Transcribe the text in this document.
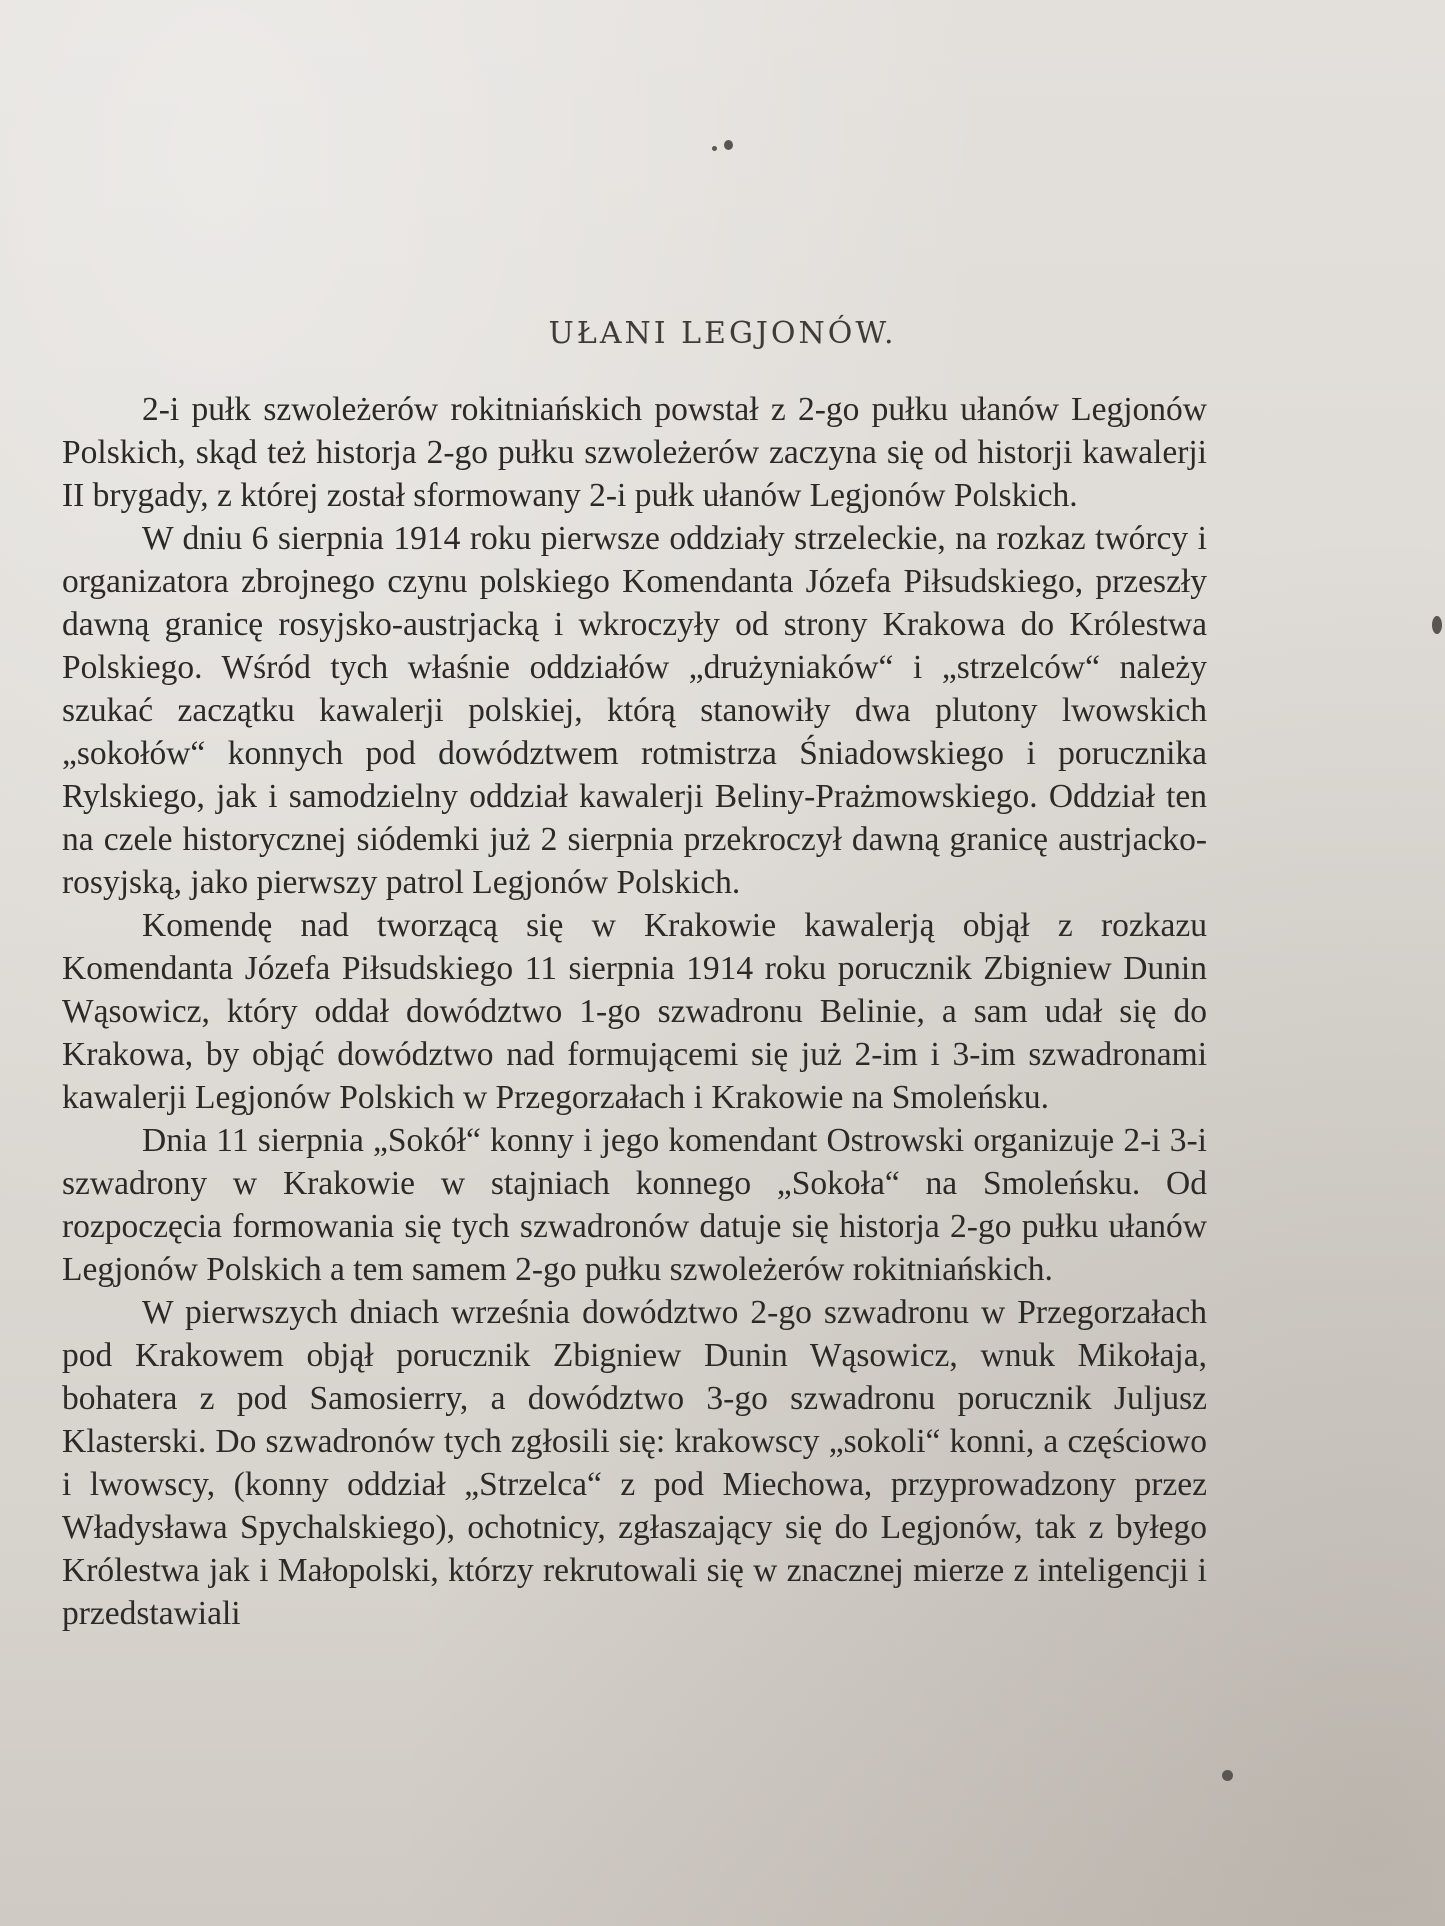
UŁANI LEGJONÓW.

2-i pułk szwoleżerów rokitniańskich powstał z 2-go pułku ułanów Legjonów Polskich, skąd też historja 2-go pułku szwoleżerów zaczyna się od historji kawalerji II brygady, z której został sformowany 2-i pułk ułanów Legjonów Polskich.

W dniu 6 sierpnia 1914 roku pierwsze oddziały strzeleckie, na rozkaz twórcy i organizatora zbrojnego czynu polskiego Komendanta Józefa Piłsudskiego, przeszły dawną granicę rosyjsko-austrjacką i wkroczyły od strony Krakowa do Królestwa Polskiego. Wśród tych właśnie oddziałów „drużyniaków“ i „strzelców“ należy szukać zaczątku kawalerji polskiej, którą stanowiły dwa plutony lwowskich „sokołów“ konnych pod dowództwem rotmistrza Śniadowskiego i porucznika Rylskiego, jak i samodzielny oddział kawalerji Beliny-Prażmowskiego. Oddział ten na czele historycznej siódemki już 2 sierpnia przekroczył dawną granicę austrjacko-rosyjską, jako pierwszy patrol Legjonów Polskich.

Komendę nad tworzącą się w Krakowie kawalerją objął z rozkazu Komendanta Józefa Piłsudskiego 11 sierpnia 1914 roku porucznik Zbigniew Dunin Wąsowicz, który oddał dowództwo 1-go szwadronu Belinie, a sam udał się do Krakowa, by objąć dowództwo nad formującemi się już 2-im i 3-im szwadronami kawalerji Legjonów Polskich w Przegorzałach i Krakowie na Smoleńsku.

Dnia 11 sierpnia „Sokół“ konny i jego komendant Ostrowski organizuje 2-i 3-i szwadrony w Krakowie w stajniach konnego „Sokoła“ na Smoleńsku. Od rozpoczęcia formowania się tych szwadronów datuje się historja 2-go pułku ułanów Legjonów Polskich a tem samem 2-go pułku szwoleżerów rokitniańskich.

W pierwszych dniach września dowództwo 2-go szwadronu w Przegorzałach pod Krakowem objął porucznik Zbigniew Dunin Wąsowicz, wnuk Mikołaja, bohatera z pod Samosierry, a dowództwo 3-go szwadronu porucznik Juljusz Klasterski. Do szwadronów tych zgłosili się: krakowscy „sokoli“ konni, a częściowo i lwowscy, (konny oddział „Strzelca“ z pod Miechowa, przyprowadzony przez Władysława Spychalskiego), ochotnicy, zgłaszający się do Legjonów, tak z byłego Królestwa jak i Małopolski, którzy rekrutowali się w znacznej mierze z inteligencji i przedstawiali
